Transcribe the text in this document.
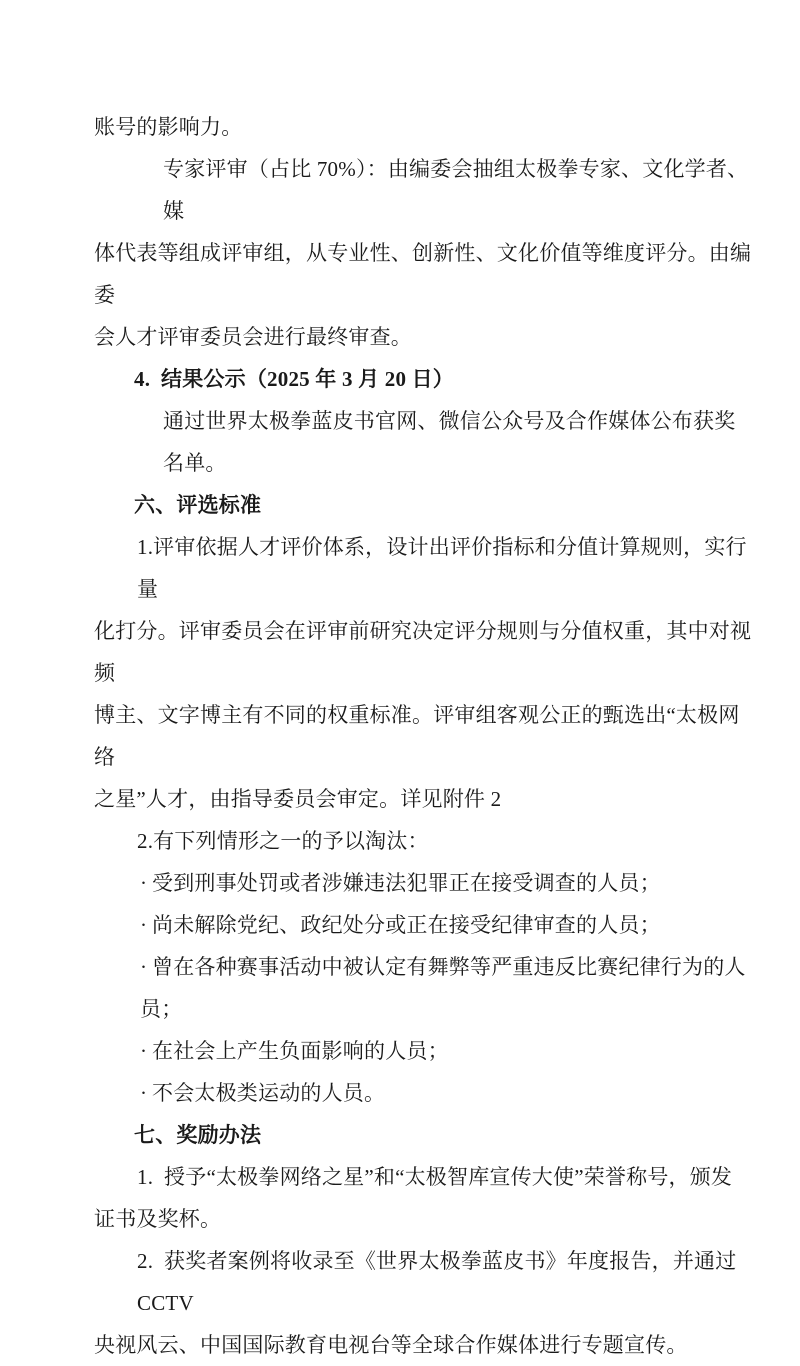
账号的影响力。
专家评审（占比 70%）：由编委会抽组太极拳专家、文化学者、媒
体代表等组成评审组，从专业性、创新性、文化价值等维度评分。由编委
会人才评审委员会进行最终审查。
4.  结果公示（2025 年 3 月 20 日）
通过世界太极拳蓝皮书官网、微信公众号及合作媒体公布获奖名单。
六、评选标准
1.评审依据人才评价体系，设计出评价指标和分值计算规则，实行量
化打分。评审委员会在评审前研究决定评分规则与分值权重，其中对视频
博主、文字博主有不同的权重标准。评审组客观公正的甄选出“太极网络
之星”人才，由指导委员会审定。详见附件 2
2.有下列情形之一的予以淘汰：
· 受到刑事处罚或者涉嫌违法犯罪正在接受调查的人员；
· 尚未解除党纪、政纪处分或正在接受纪律审查的人员；
· 曾在各种赛事活动中被认定有舞弊等严重违反比赛纪律行为的人员；
· 在社会上产生负面影响的人员；
· 不会太极类运动的人员。
七、奖励办法
1.  授予“太极拳网络之星”和“太极智库宣传大使”荣誉称号，颁发
证书及奖杯。
2.  获奖者案例将收录至《世界太极拳蓝皮书》年度报告，并通过 CCTV
央视风云、中国国际教育电视台等全球合作媒体进行专题宣传。
